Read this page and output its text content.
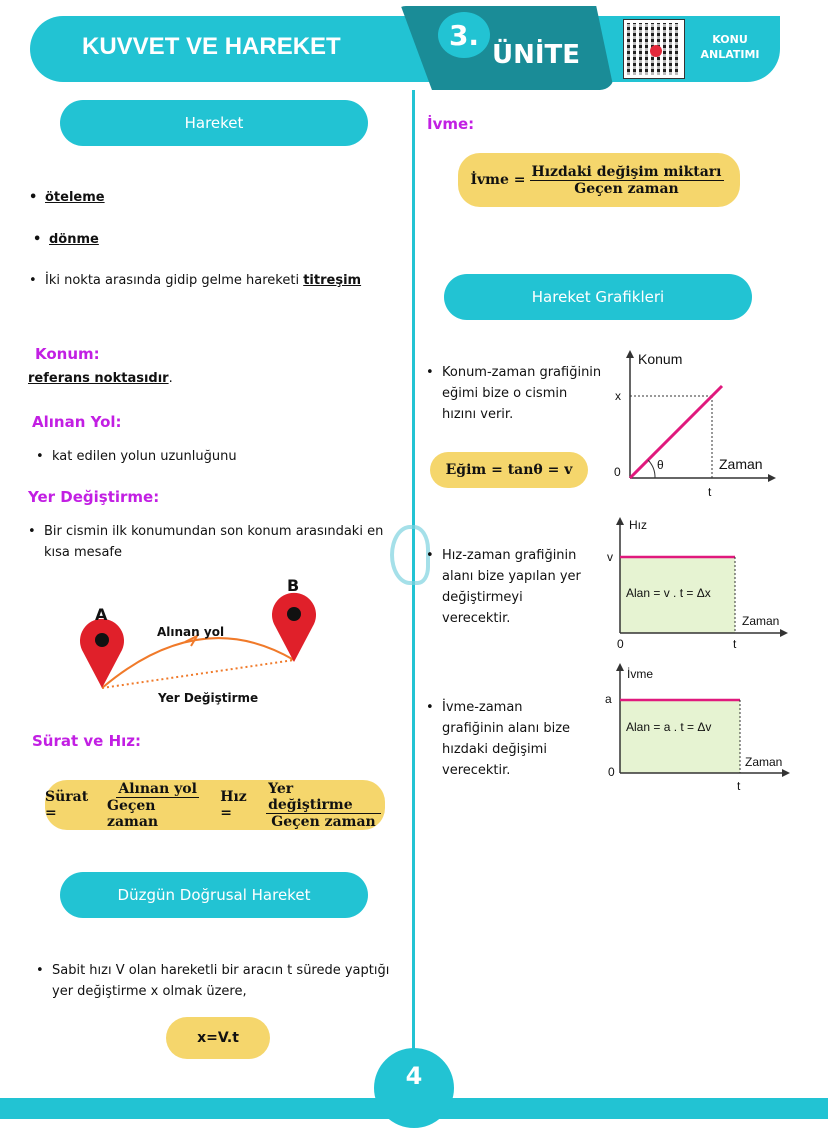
KUVVET VE HAREKET	3.
ÜNİTE
KONU ANLATIMI
Hareket
• öteleme
• dönme
• İki nokta arasında gidip gelme hareketi titreşim
Konum:
referans noktasıdır.
Alınan Yol:
• kat edilen yolun uzunluğunu
Yer Değiştirme:
• Bir cismin ilk konumundan son konum arasındaki en kısa mesafe
A
B
Alınan yol
Yer Değiştirme
Sürat ve Hız:
Sürat =	$\frac{\text{Alınan yol}}{\text{Geçen zaman}}$ Hız =	$\frac{\text{Yer değiştirme}}{\text{Geçen zaman}}$
Düzgün Doğrusal Hareket
• Sabit hızı V olan hareketli bir aracın t sürede yaptığı yer değiştirme x olmak üzere,
x=V.t
İvme:
İvme = $\frac{\text{Hızdaki değişim miktarı}}{\text{Geçen zaman}}$
Hareket Grafikleri
• Konum-zaman grafiğinin eğimi bize o cismin hızını verir.
Eğim = tanθ = v
Konum
Zaman
x
t
0	θ
• Hız-zaman grafiğinin alanı bize yapılan yer değiştirmeyi verecektir.
Hız
Zaman
v
t
0
Alan = v . t = Δx
• İvme-zaman grafiğinin alanı bize hızdaki değişimi verecektir.
İvme
Zaman
a
t
0
Alan = a . t = Δv
4
